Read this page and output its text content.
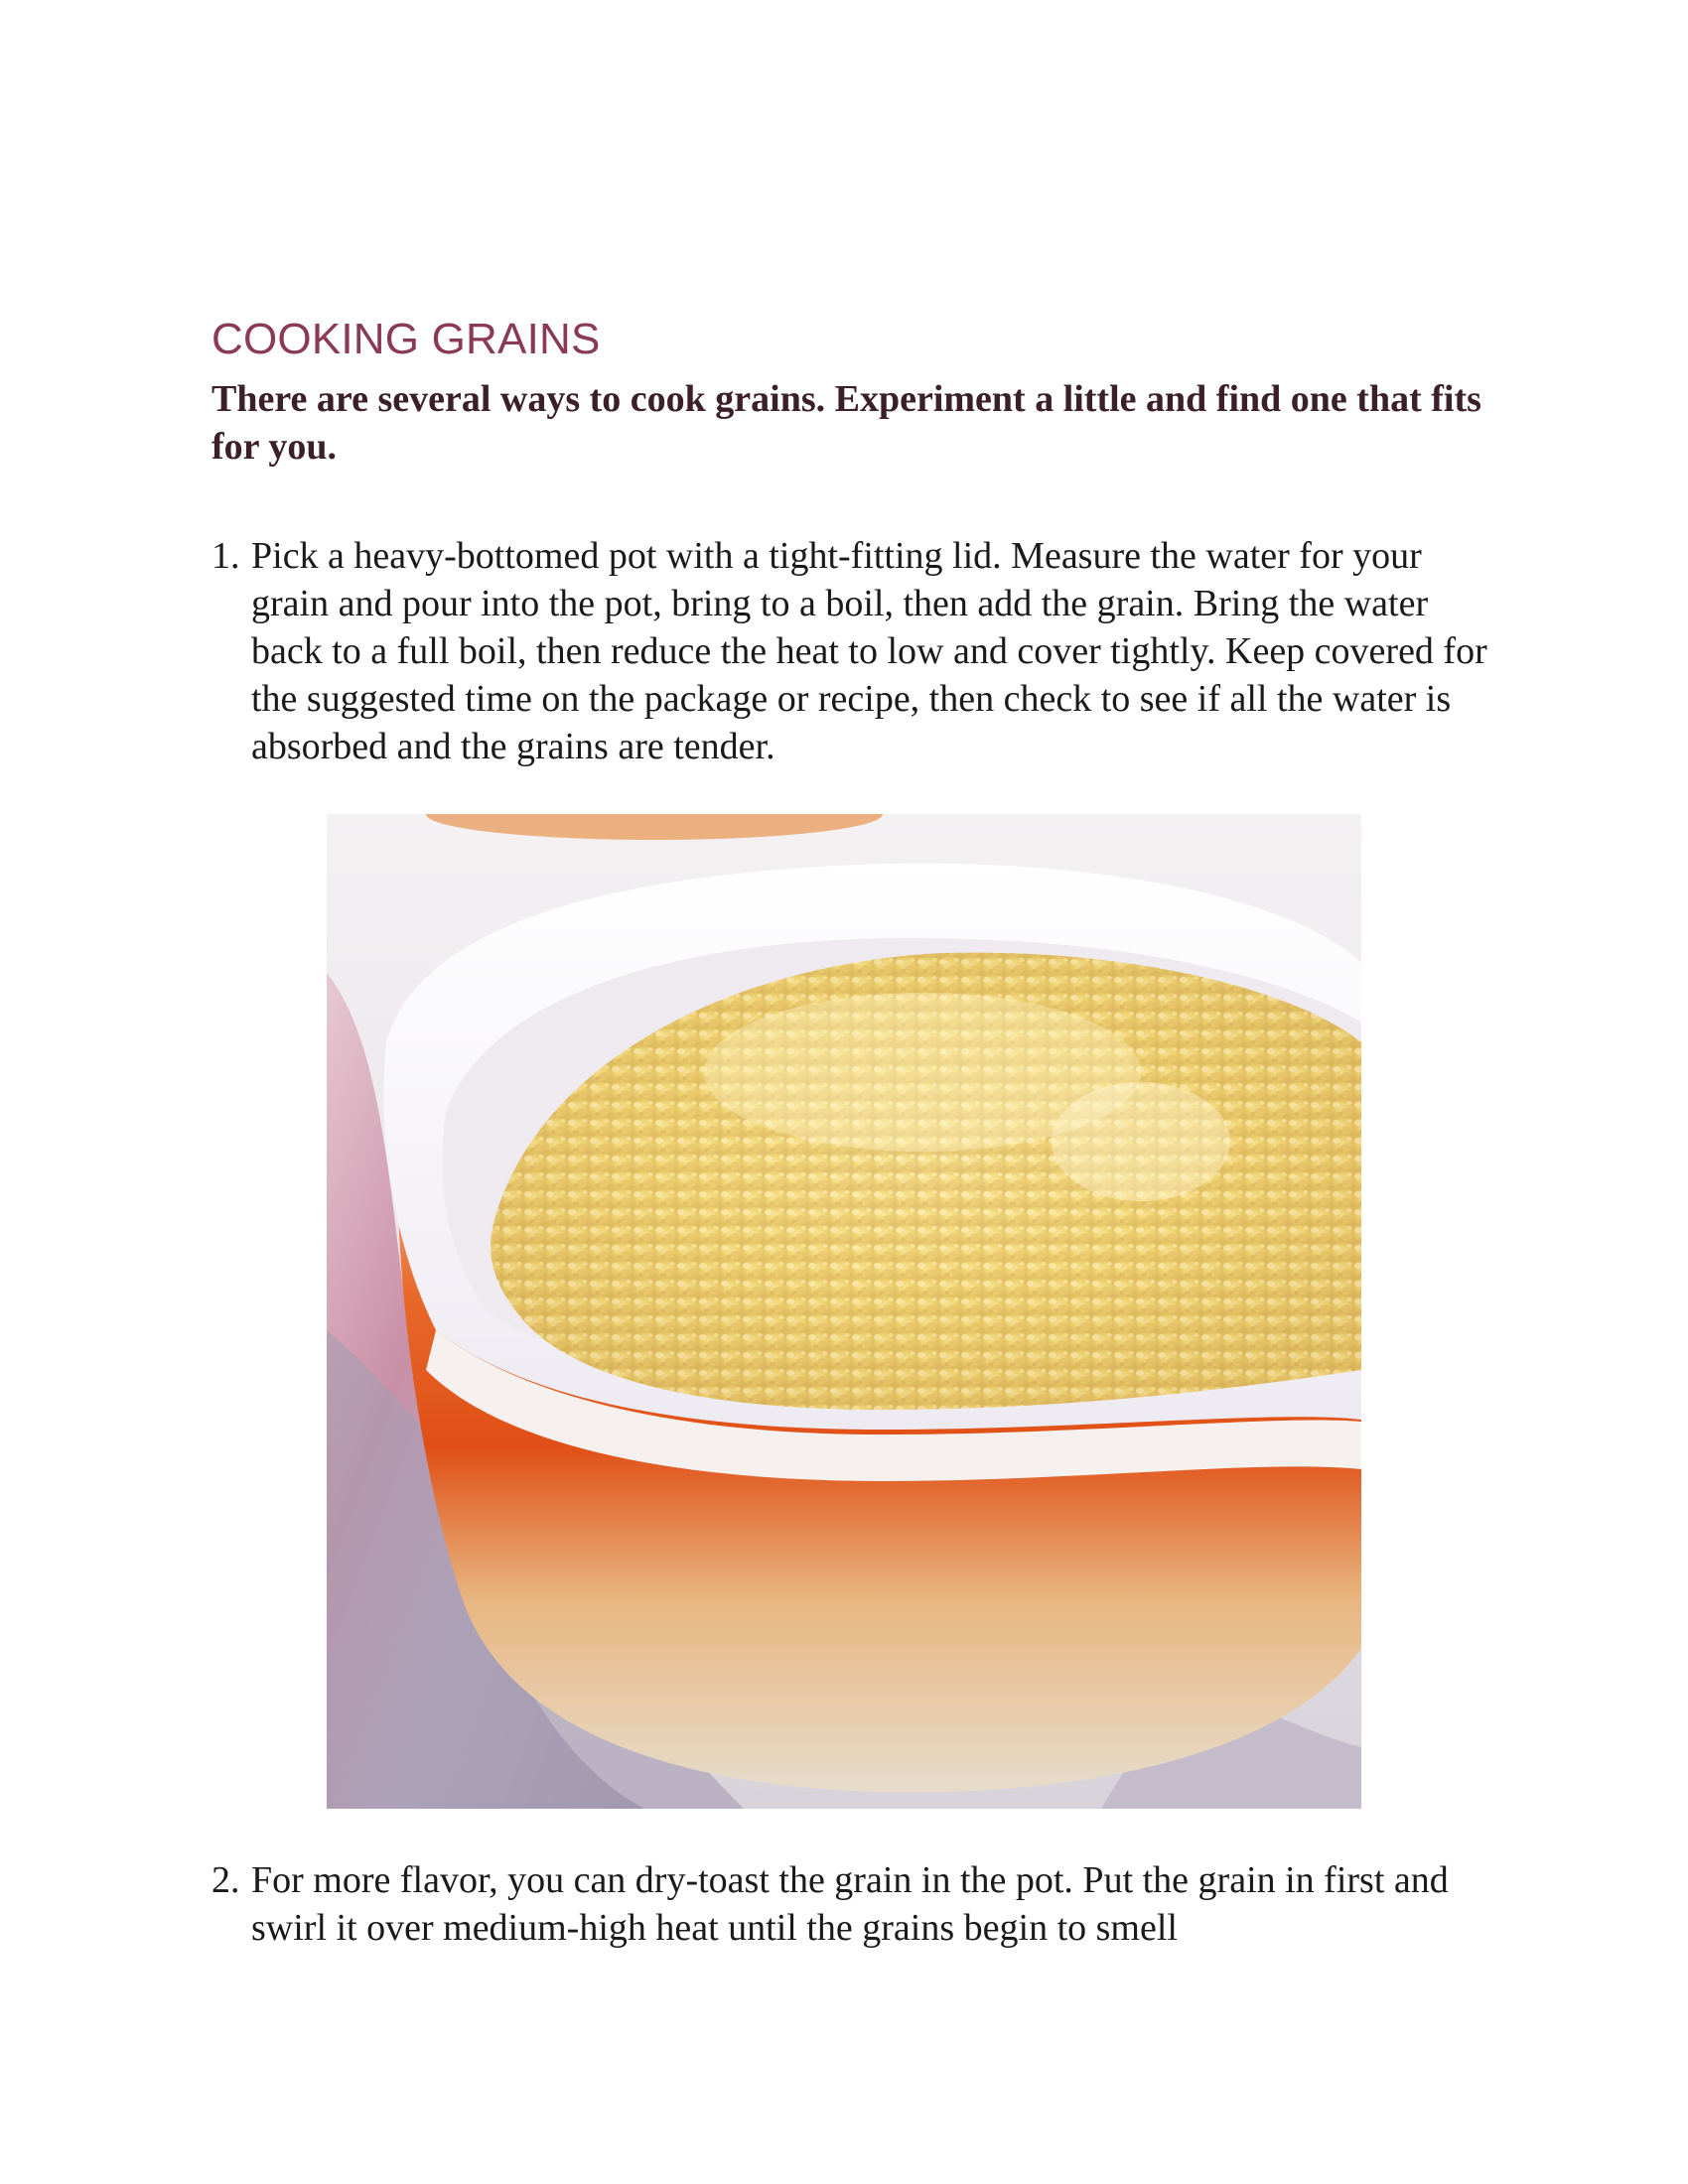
COOKING GRAINS

There are several ways to cook grains. Experiment a little and find one that fits for you.

1. Pick a heavy-bottomed pot with a tight-fitting lid. Measure the water for your grain and pour into the pot, bring to a boil, then add the grain. Bring the water back to a full boil, then reduce the heat to low and cover tightly. Keep covered for the suggested time on the package or recipe, then check to see if all the water is absorbed and the grains are tender.
2. For more flavor, you can dry-toast the grain in the pot. Put the grain in first and swirl it over medium-high heat until the grains begin to smell
